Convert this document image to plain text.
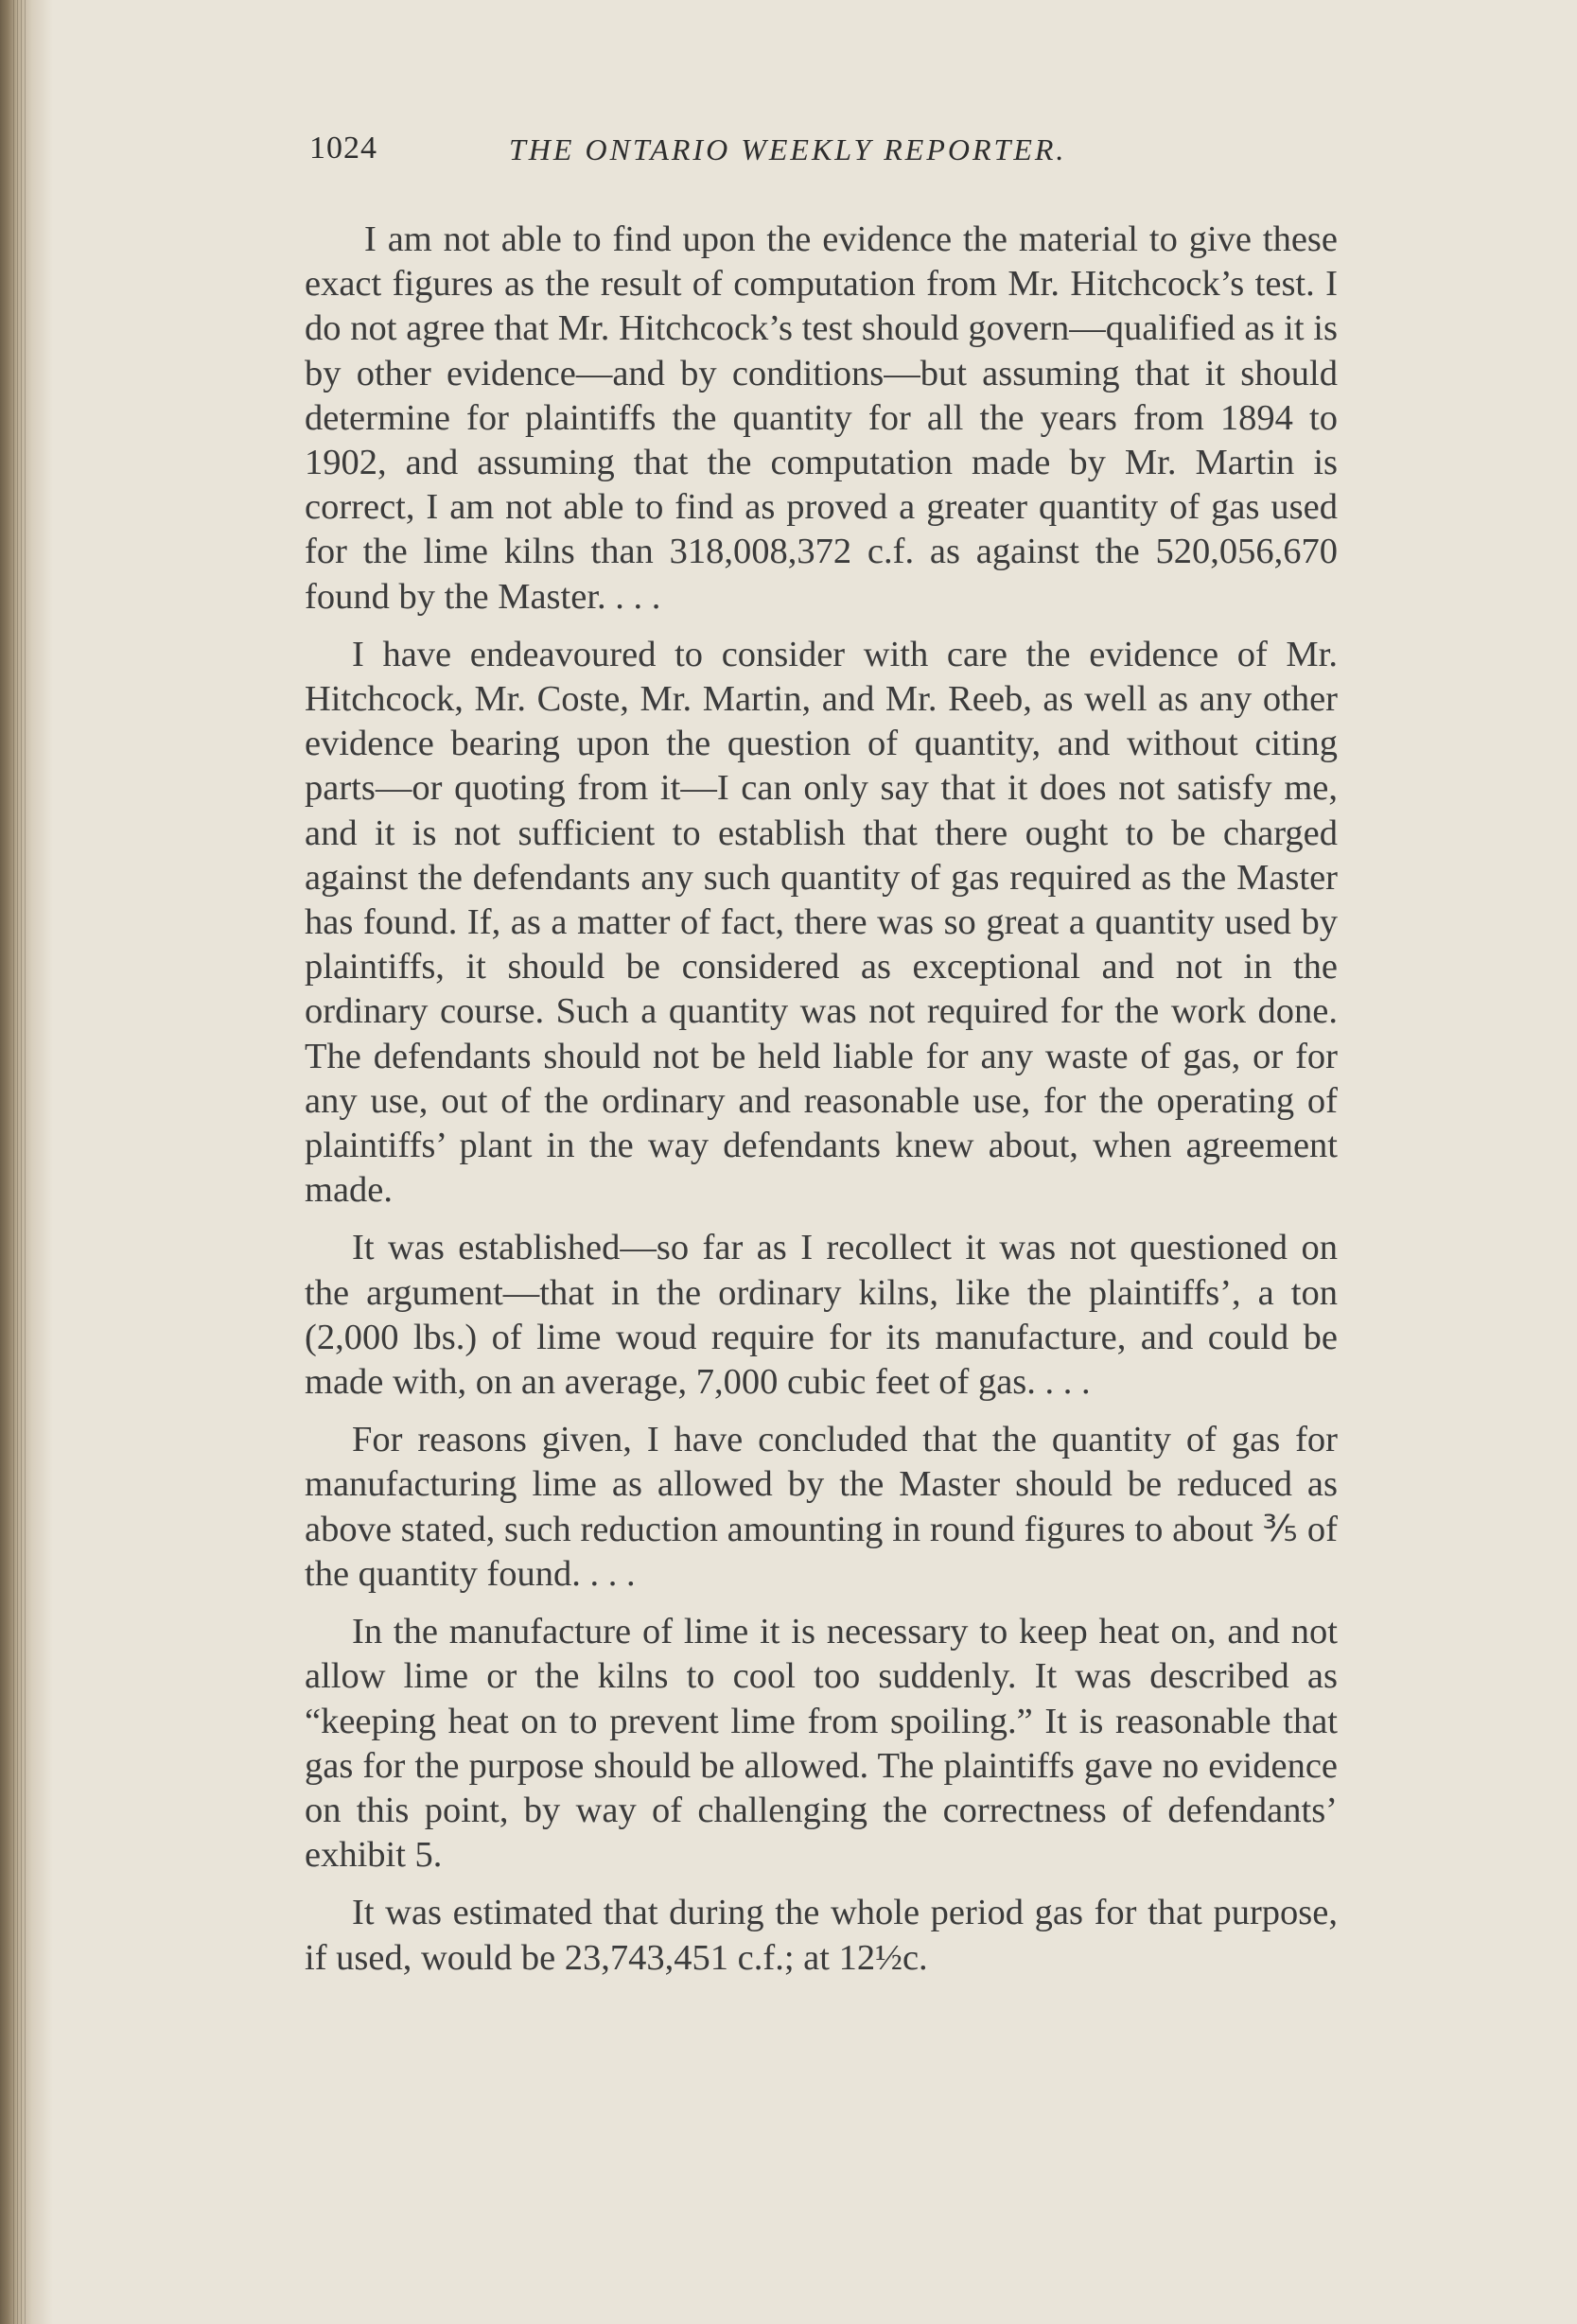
1024	THE ONTARIO WEEKLY REPORTER.

I am not able to find upon the evidence the material to give these exact figures as the result of computation from Mr. Hitchcock’s test. I do not agree that Mr. Hitchcock’s test should govern—qualified as it is by other evidence—and by conditions—but assuming that it should determine for plaintiffs the quantity for all the years from 1894 to 1902, and assuming that the computation made by Mr. Martin is correct, I am not able to find as proved a greater quantity of gas used for the lime kilns than 318,008,372 c.f. as against the 520,056,670 found by the Master. . . .

I have endeavoured to consider with care the evidence of Mr. Hitchcock, Mr. Coste, Mr. Martin, and Mr. Reeb, as well as any other evidence bearing upon the question of quantity, and without citing parts—or quoting from it—I can only say that it does not satisfy me, and it is not sufficient to establish that there ought to be charged against the defendants any such quantity of gas required as the Master has found. If, as a matter of fact, there was so great a quantity used by plaintiffs, it should be considered as exceptional and not in the ordinary course. Such a quantity was not required for the work done. The defendants should not be held liable for any waste of gas, or for any use, out of the ordinary and reasonable use, for the operating of plaintiffs’ plant in the way defendants knew about, when agreement made.

It was established—so far as I recollect it was not questioned on the argument—that in the ordinary kilns, like the plaintiffs’, a ton (2,000 lbs.) of lime woud require for its manufacture, and could be made with, on an average, 7,000 cubic feet of gas. . . .

For reasons given, I have concluded that the quantity of gas for manufacturing lime as allowed by the Master should be reduced as above stated, such reduction amounting in round figures to about ⅗ of the quantity found. . . .

In the manufacture of lime it is necessary to keep heat on, and not allow lime or the kilns to cool too suddenly. It was described as “keeping heat on to prevent lime from spoiling.” It is reasonable that gas for the purpose should be allowed. The plaintiffs gave no evidence on this point, by way of challenging the correctness of defendants’ exhibit 5.

It was estimated that during the whole period gas for that purpose, if used, would be 23,743,451 c.f.; at 12½c.
